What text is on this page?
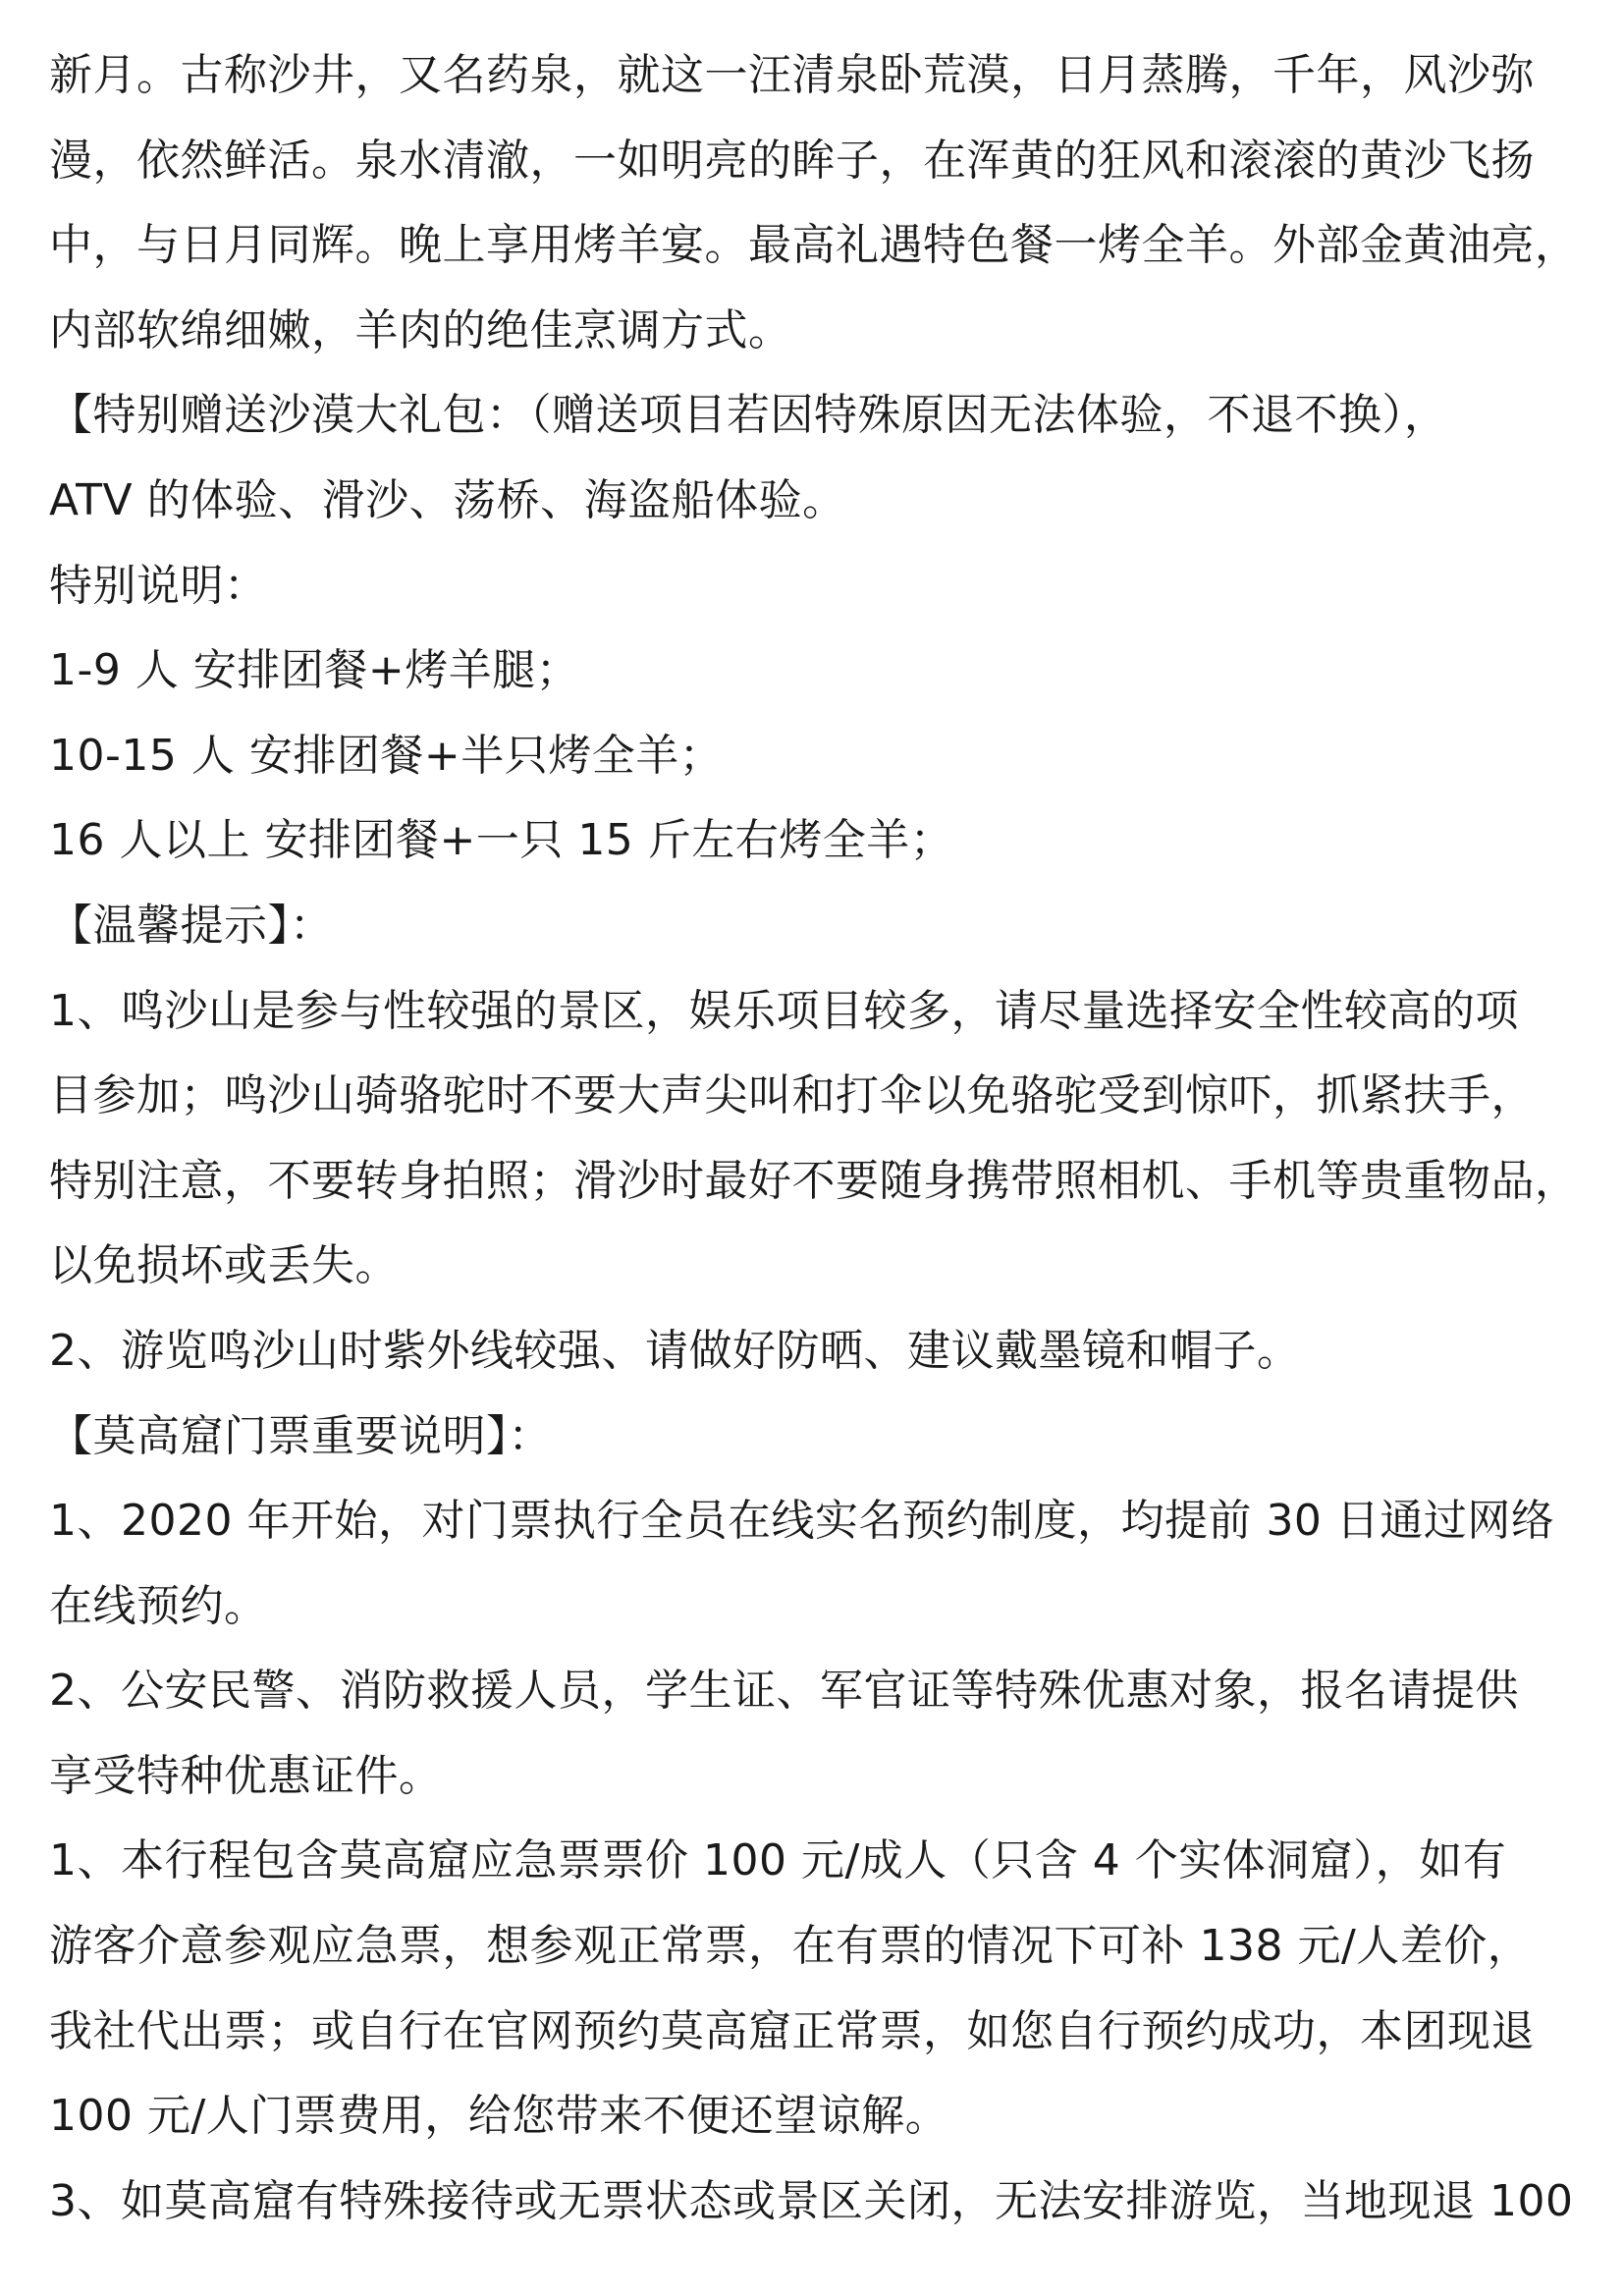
新月。古称沙井，又名药泉，就这一汪清泉卧荒漠，日月蒸腾，千年，风沙弥
漫，依然鲜活。泉水清澈，一如明亮的眸子，在浑黄的狂风和滚滚的黄沙飞扬
中，与日月同辉。晚上享用烤羊宴。最高礼遇特色餐一烤全羊。外部金黄油亮，
内部软绵细嫩，羊肉的绝佳烹调方式。
【特别赠送沙漠大礼包：（赠送项目若因特殊原因无法体验，不退不换），
ATV 的体验、滑沙、荡桥、海盗船体验。
特别说明：
1-9 人 安排团餐+烤羊腿；
10-15 人 安排团餐+半只烤全羊；
16 人以上 安排团餐+一只 15 斤左右烤全羊；
【温馨提示】：
1、鸣沙山是参与性较强的景区，娱乐项目较多，请尽量选择安全性较高的项
目参加；鸣沙山骑骆驼时不要大声尖叫和打伞以免骆驼受到惊吓，抓紧扶手，
特别注意，不要转身拍照；滑沙时最好不要随身携带照相机、手机等贵重物品，
以免损坏或丢失。
2、游览鸣沙山时紫外线较强、请做好防晒、建议戴墨镜和帽子。
【莫高窟门票重要说明】：
1、2020 年开始，对门票执行全员在线实名预约制度，均提前 30 日通过网络
在线预约。
2、公安民警、消防救援人员，学生证、军官证等特殊优惠对象，报名请提供
享受特种优惠证件。
1、本行程包含莫高窟应急票票价 100 元/成人（只含 4 个实体洞窟），如有
游客介意参观应急票，想参观正常票，在有票的情况下可补 138 元/人差价，
我社代出票；或自行在官网预约莫高窟正常票，如您自行预约成功，本团现退
100 元/人门票费用，给您带来不便还望谅解。
3、如莫高窟有特殊接待或无票状态或景区关闭，无法安排游览，当地现退 100
